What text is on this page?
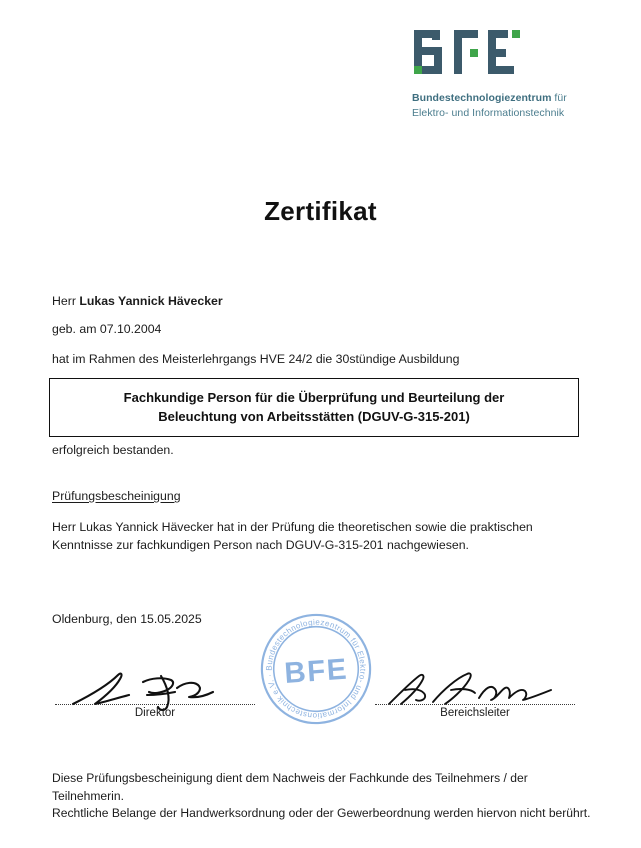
Bundestechnologiezentrum für
Elektro- und Informationstechnik
Zertifikat
Herr Lukas Yannick Hävecker
geb. am 07.10.2004
hat im Rahmen des Meisterlehrgangs HVE 24/2 die 30stündige Ausbildung
Fachkundige Person für die Überprüfung und Beurteilung der
Beleuchtung von Arbeitsstätten (DGUV-G-315-201)
erfolgreich bestanden.
Prüfungsbescheinigung
Herr Lukas Yannick Hävecker hat in der Prüfung die theoretischen sowie die praktischen Kenntnisse zur fachkundigen Person nach DGUV-G-315-201 nachgewiesen.
Oldenburg, den 15.05.2025
Bundestechnologiezentrum für Elektro- und Informationstechnik e.V. · BFE
Direktor	Bereichsleiter
Diese Prüfungsbescheinigung dient dem Nachweis der Fachkunde des Teilnehmers / der Teilnehmerin.
Rechtliche Belange der Handwerksordnung oder der Gewerbeordnung werden hiervon nicht berührt.
